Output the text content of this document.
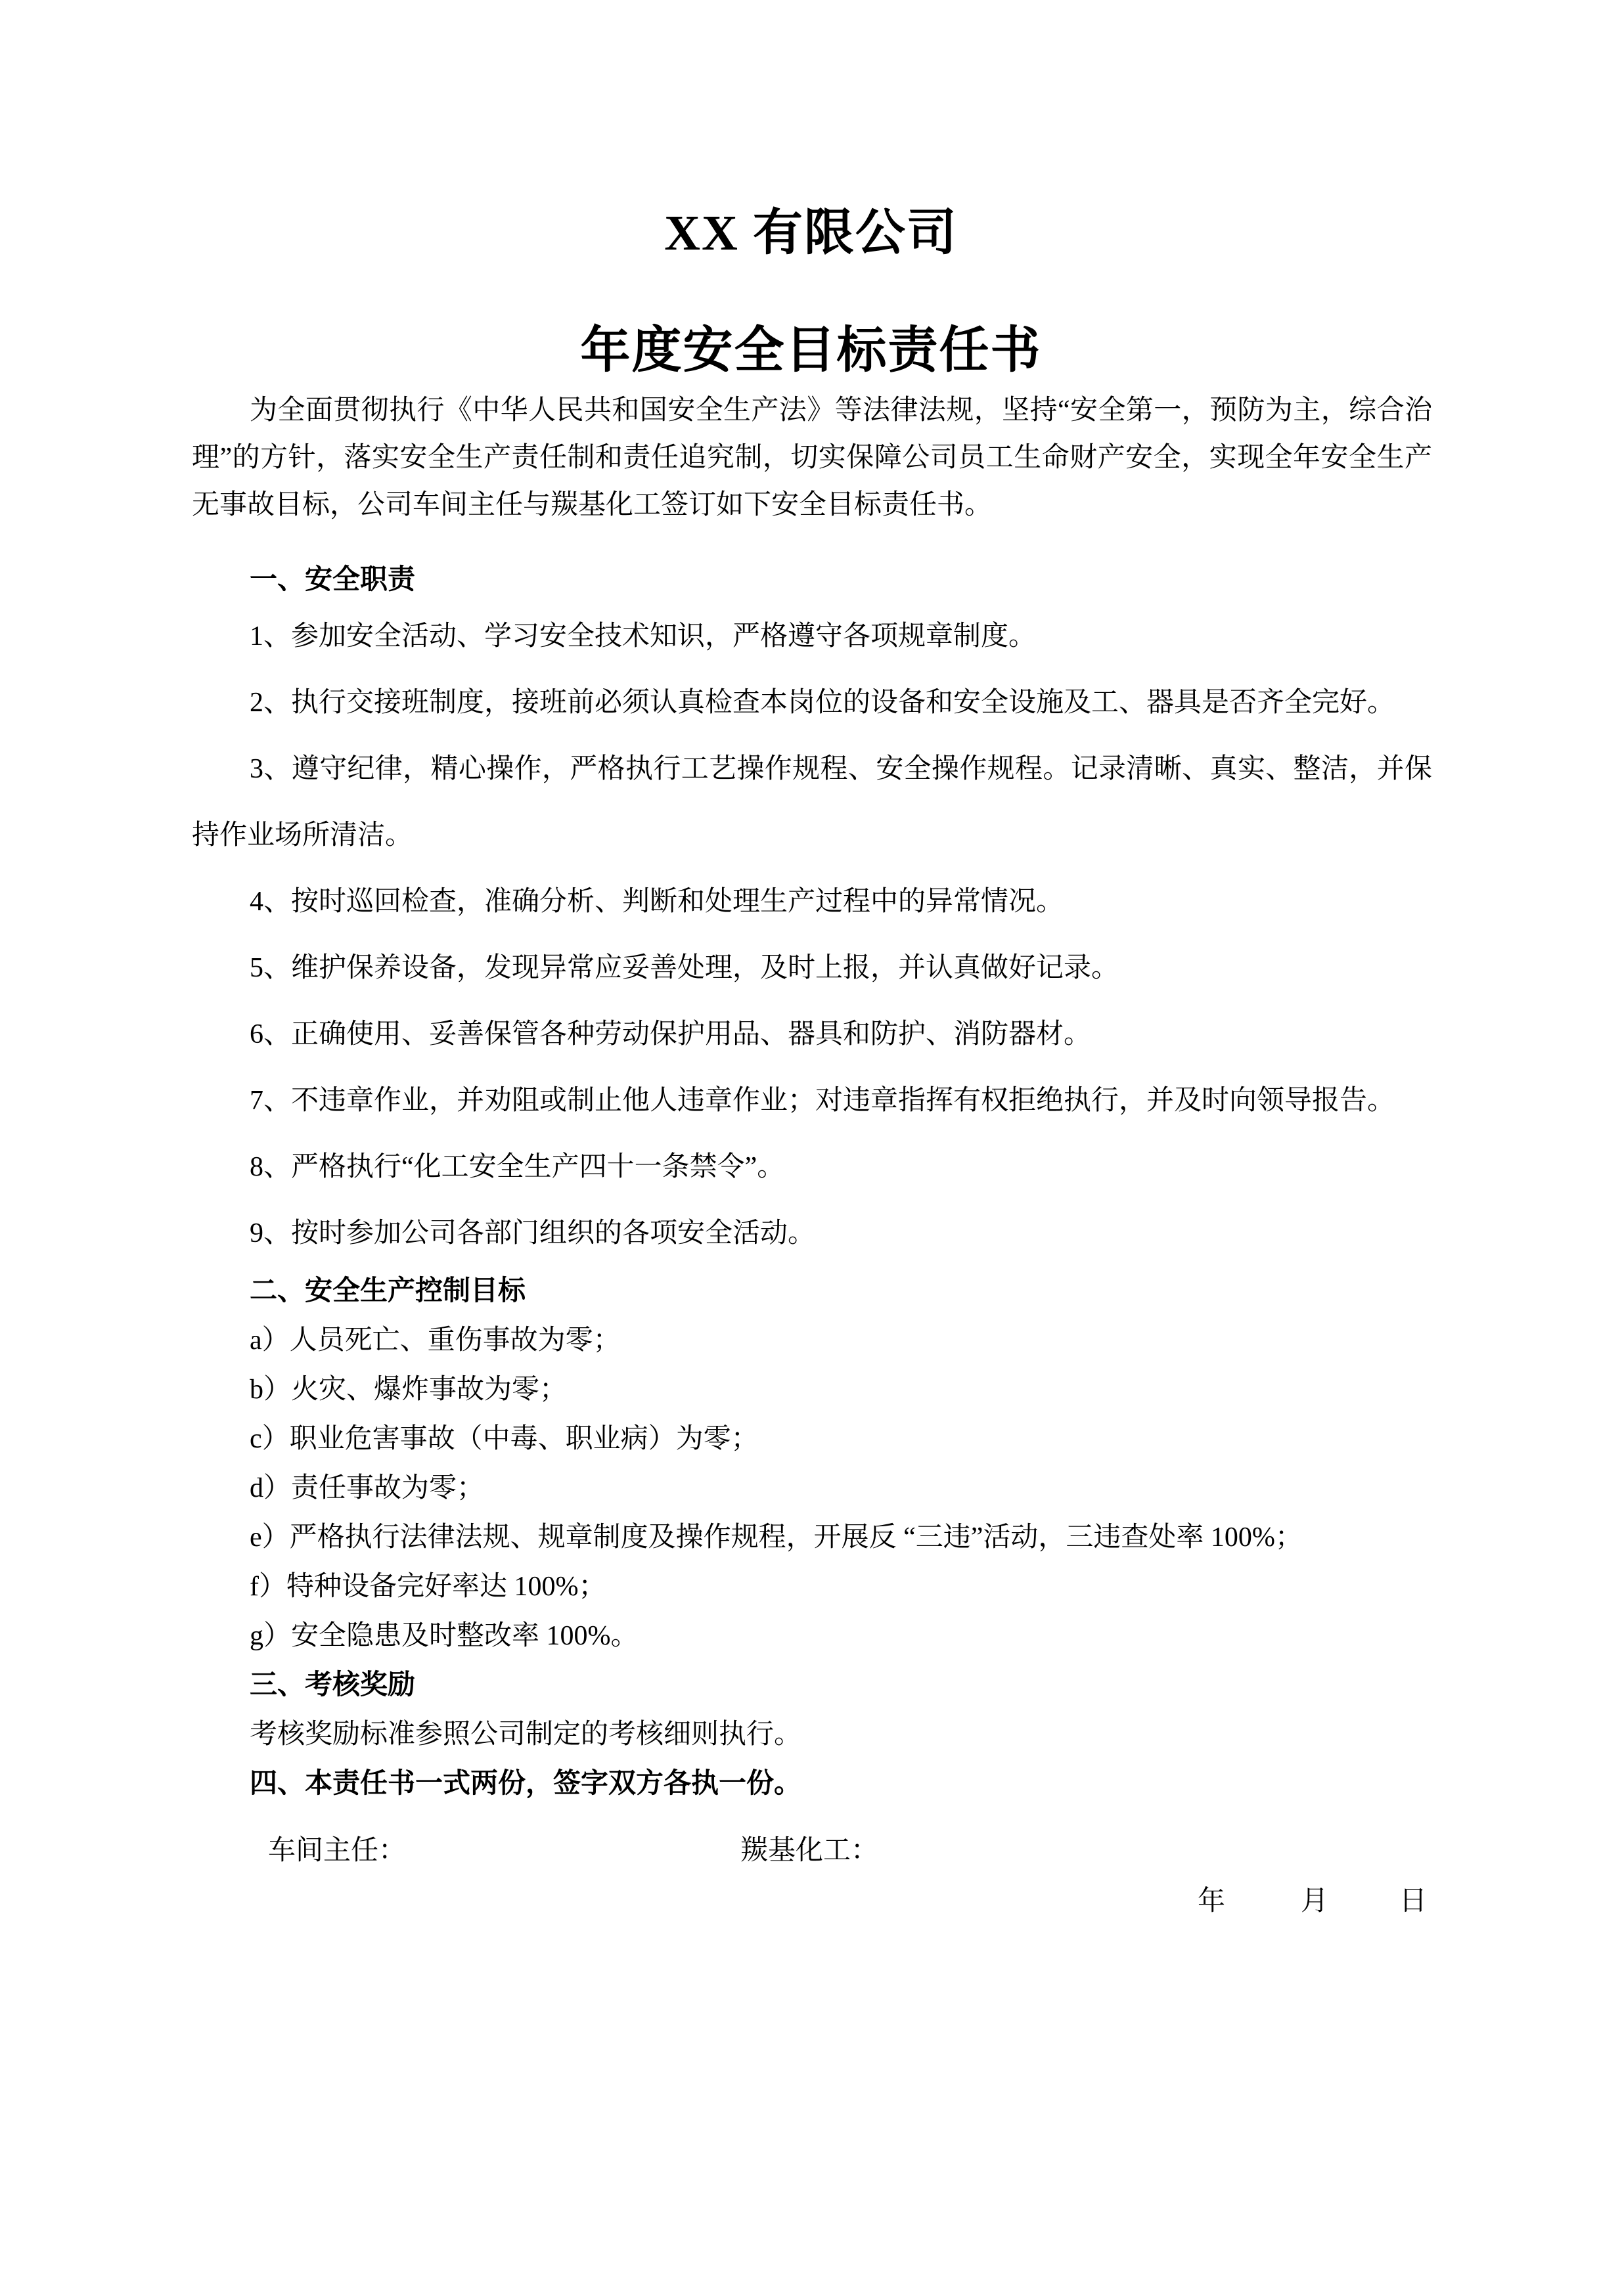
XX 有限公司
年度安全目标责任书

为全面贯彻执行《中华人民共和国安全生产法》等法律法规，坚持“安全第一，预防为主，综合治理”的方针，落实安全生产责任制和责任追究制，切实保障公司员工生命财产安全，实现全年安全生产无事故目标，公司车间主任与羰基化工签订如下安全目标责任书。

一、安全职责
1、参加安全活动、学习安全技术知识，严格遵守各项规章制度。
2、执行交接班制度，接班前必须认真检查本岗位的设备和安全设施及工、器具是否齐全完好。
3、遵守纪律，精心操作，严格执行工艺操作规程、安全操作规程。记录清晰、真实、整洁，并保持作业场所清洁。
4、按时巡回检查，准确分析、判断和处理生产过程中的异常情况。
5、维护保养设备，发现异常应妥善处理，及时上报，并认真做好记录。
6、正确使用、妥善保管各种劳动保护用品、器具和防护、消防器材。
7、不违章作业，并劝阻或制止他人违章作业；对违章指挥有权拒绝执行，并及时向领导报告。
8、严格执行“化工安全生产四十一条禁令”。
9、按时参加公司各部门组织的各项安全活动。
二、安全生产控制目标
a）人员死亡、重伤事故为零；
b）火灾、爆炸事故为零；
c）职业危害事故（中毒、职业病）为零；
d）责任事故为零；
e）严格执行法律法规、规章制度及操作规程，开展反 “三违”活动，三违查处率 100%；
f）特种设备完好率达 100%；
g）安全隐患及时整改率 100%。
三、考核奖励
考核奖励标准参照公司制定的考核细则执行。
四、本责任书一式两份，签字双方各执一份。
车间主任：	羰基化工：
年	月	日
